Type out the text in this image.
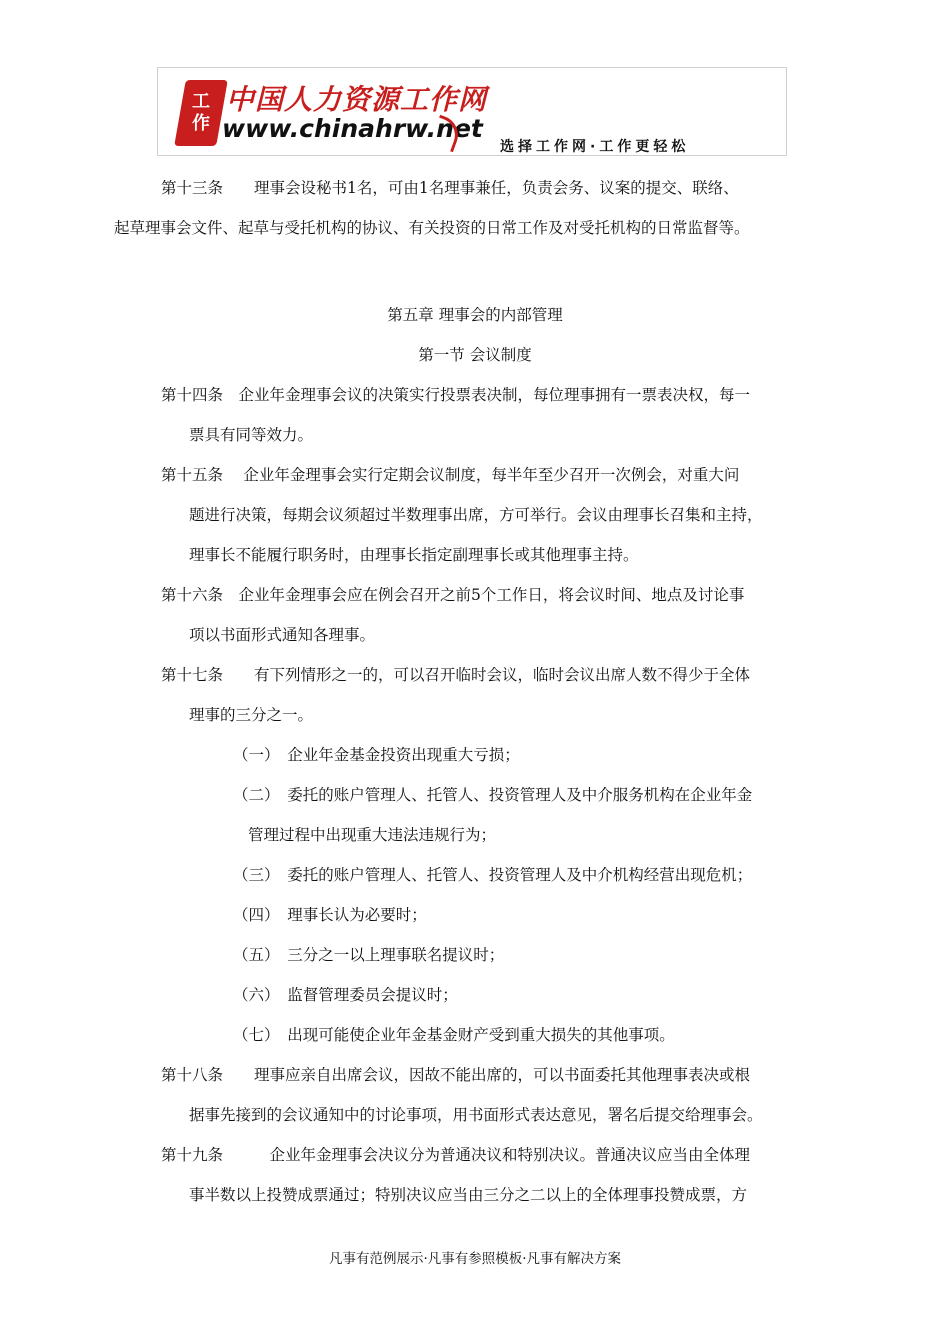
工
作
中国人力资源工作网
www.chinahrw.net
选择工作网·工作更轻松
第十三条　　理事会设秘书1名，可由1名理事兼任，负责会务、议案的提交、联络、
起草理事会文件、起草与受托机构的协议、有关投资的日常工作及对受托机构的日常监督等。
第五章 理事会的内部管理
第一节 会议制度
第十四条　企业年金理事会议的决策实行投票表决制，每位理事拥有一票表决权，每一
票具有同等效力。
第十五条　 企业年金理事会实行定期会议制度，每半年至少召开一次例会，对重大问
题进行决策，每期会议须超过半数理事出席，方可举行。会议由理事长召集和主持，
理事长不能履行职务时，由理事长指定副理事长或其他理事主持。
第十六条　企业年金理事会应在例会召开之前5个工作日，将会议时间、地点及讨论事
项以书面形式通知各理事。
第十七条　　有下列情形之一的，可以召开临时会议，临时会议出席人数不得少于全体
理事的三分之一。
（一）　企业年金基金投资出现重大亏损；
（二）　委托的账户管理人、托管人、投资管理人及中介服务机构在企业年金
管理过程中出现重大违法违规行为；
（三）　委托的账户管理人、托管人、投资管理人及中介机构经营出现危机；
（四）　理事长认为必要时；
（五）　三分之一以上理事联名提议时；
（六）　监督管理委员会提议时；
（七）　出现可能使企业年金基金财产受到重大损失的其他事项。
第十八条　　理事应亲自出席会议，因故不能出席的，可以书面委托其他理事表决或根
据事先接到的会议通知中的讨论事项，用书面形式表达意见，署名后提交给理事会。
第十九条　　　企业年金理事会决议分为普通决议和特别决议。普通决议应当由全体理
事半数以上投赞成票通过；特别决议应当由三分之二以上的全体理事投赞成票，方
凡事有范例展示·凡事有参照模板·凡事有解决方案
